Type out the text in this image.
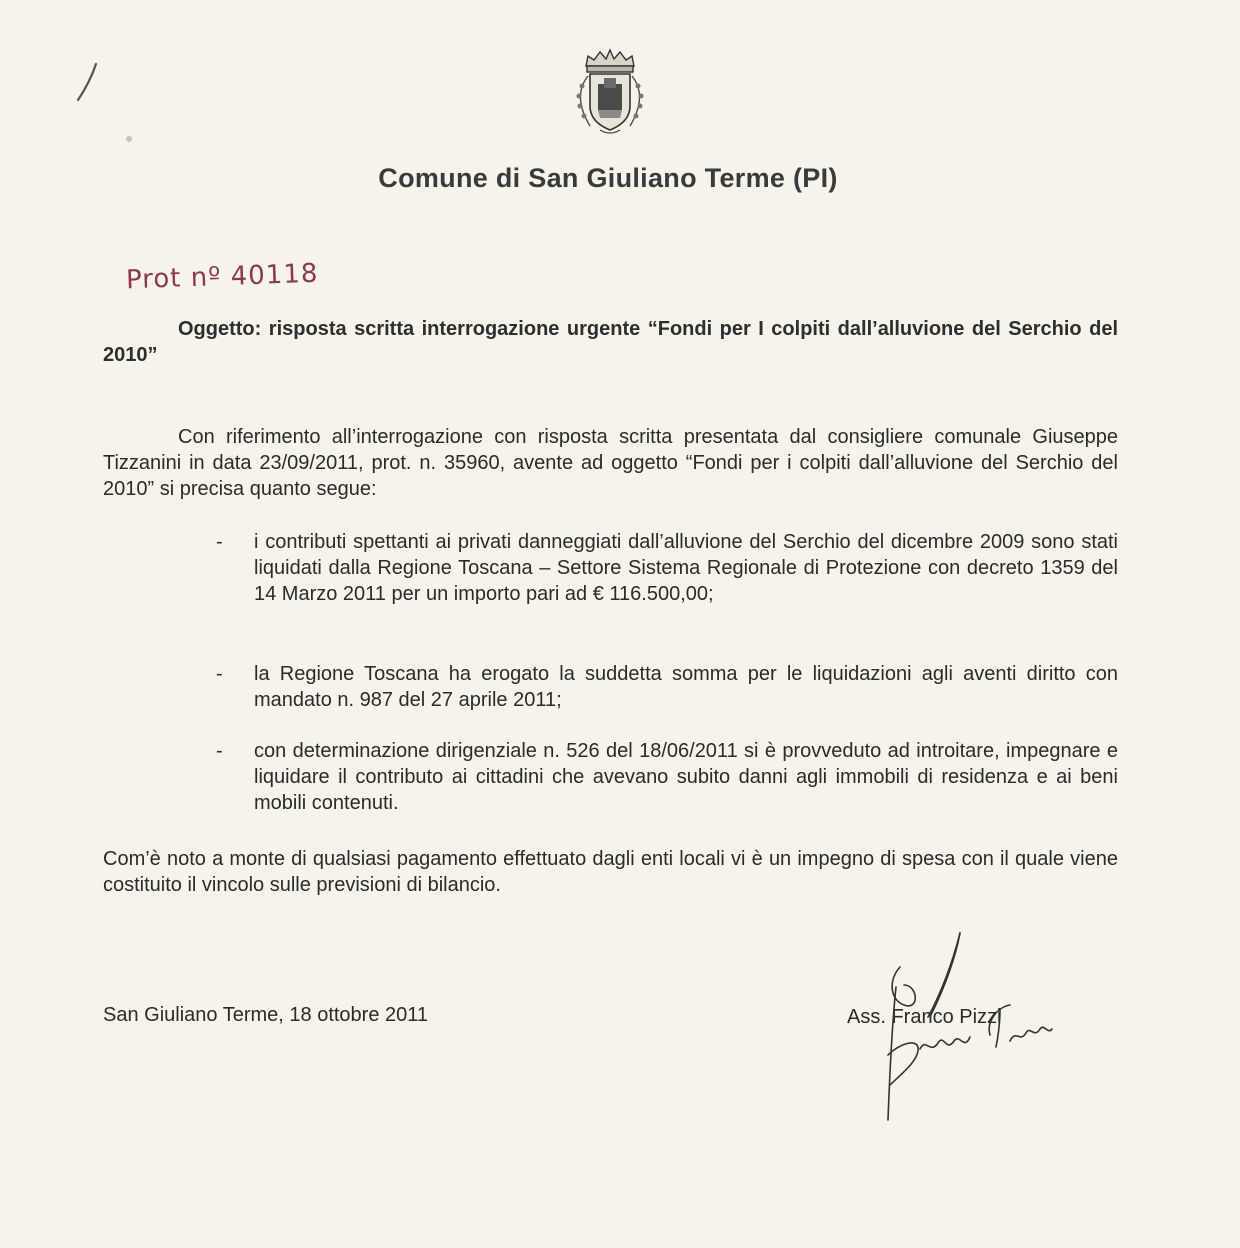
Comune di San Giuliano Terme (PI)
Prot nº 40118
Oggetto: risposta scritta interrogazione urgente “Fondi per I colpiti dall’alluvione del Serchio del 2010”
Con riferimento all’interrogazione con risposta scritta presentata dal consigliere comunale Giuseppe Tizzanini in data 23/09/2011, prot. n. 35960, avente ad oggetto “Fondi per i colpiti dall’alluvione del Serchio del 2010” si precisa quanto segue:
- i contributi spettanti ai privati danneggiati dall’alluvione del Serchio del dicembre 2009 sono stati liquidati dalla Regione Toscana – Settore Sistema Regionale di Protezione con decreto 1359 del 14 Marzo 2011 per un importo pari ad € 116.500,00;
- la Regione Toscana ha erogato la suddetta somma per le liquidazioni agli aventi diritto con mandato n. 987 del 27 aprile 2011;
- con determinazione dirigenziale n. 526 del 18/06/2011 si è provveduto ad introitare, impegnare e liquidare il contributo ai cittadini che avevano subito danni agli immobili di residenza e ai beni mobili contenuti.
Com’è noto a monte di qualsiasi pagamento effettuato dagli enti locali vi è un impegno di spesa con il quale viene costituito il vincolo sulle previsioni di bilancio.
San Giuliano Terme, 18 ottobre 2011	Ass. Franco Pizzi
